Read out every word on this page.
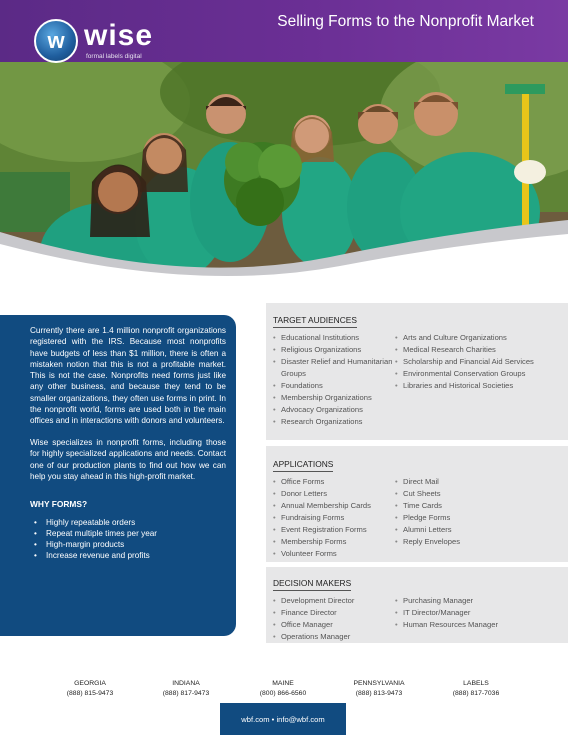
w wise
formal labels digital
Selling Forms to the Nonprofit Market

Currently there are 1.4 million nonprofit organizations registered with the IRS. Because most nonprofits have budgets of less than $1 million, there is often a mistaken notion that this is not a profitable market. This is not the case. Nonprofits need forms just like any other business, and because they tend to be smaller organizations, they often use forms in print. In the nonprofit world, forms are used both in the main offices and in interactions with donors and volunteers.

Wise specializes in nonprofit forms, including those for highly specialized applications and needs. Contact one of our production plants to find out how we can help you stay ahead in this high-profit market.

WHY FORMS?
• Highly repeatable orders
• Repeat multiple times per year
• High-margin products
• Increase revenue and profits
TARGET AUDIENCES
• Educational Institutions
• Religious Organizations
• Disaster Relief and Humanitarian Groups
• Foundations
• Membership Organizations
• Advocacy Organizations
• Research Organizations
• Arts and Culture Organizations
• Medical Research Charities
• Scholarship and Financial Aid Services
• Environmental Conservation Groups
• Libraries and Historical Societies
APPLICATIONS
• Office Forms
• Donor Letters
• Annual Membership Cards
• Fundraising Forms
• Event Registration Forms
• Membership Forms
• Volunteer Forms
• Direct Mail
• Cut Sheets
• Time Cards
• Pledge Forms
• Alumni Letters
• Reply Envelopes
DECISION MAKERS
• Development Director
• Finance Director
• Office Manager
• Operations Manager
• Purchasing Manager
• IT Director/Manager
• Human Resources Manager
GEORGIA
(888) 815-9473
INDIANA
(888) 817-9473
MAINE
(800) 866-6560
PENNSYLVANIA
(888) 813-9473
LABELS
(888) 817-7036
wbf.com • info@wbf.com
